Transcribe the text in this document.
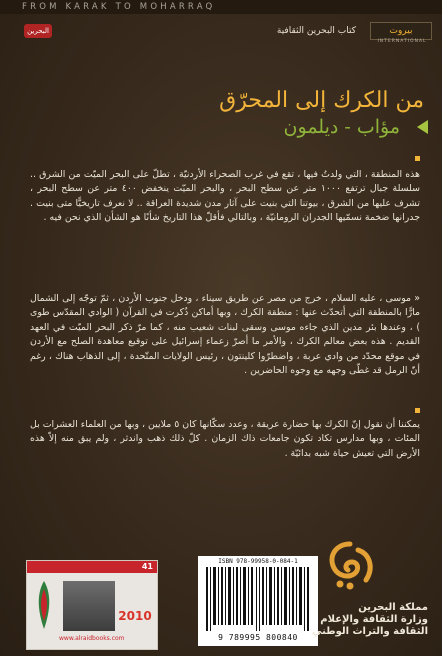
FROM KARAK TO MOHARRAQ
البحرين	كتاب البحرين الثقافية	بيروت
INTERNATIONAL
من الكرك إلى المحرّق
مؤاب - ديلمون
هذه المنطقة ، التي ولدتُ فيها ، تقع في غرب الصحراء الأردنيّة ، تطلّ على البحر الميّت من الشرق .. سلسلة جبال ترتفع ١٠٠٠ متر عن سطح البحر ، والبحر الميّت ينخفض ٤٠٠ متر عن سطح البحر ، تشرف عليها من الشرق ، بيوتنا التي بنيت على آثار مدن شديدة العراقة .. لا نعرف تاريخيًّا متى بنيت . جدرانها ضخمة نسمّيها الجدران الرومانيّة ، وبالتالي فأقلّ هذا التاريخ شأنًا هو الشأن الذي نحن فيه .
« موسى ، عليه السلام ، خرج من مصر عن طريق سيناء ، ودخل جنوب الأردن ، ثمّ توجّه إلى الشمال مارًّا بالمنطقة التي أتحدّث عنها : منطقة الكرك ، وبها أماكن ذُكرت في القرآن ( الوادي المقدّس طوى ) ، وعندها بئر مدين الذي جاءه موسى وسقى لبنات شعيب منه ، كما مرّ ذكر البحر الميّت في العهد القديم . هذه بعض معالم الكرك ، والأمر ما أصرّ زعماء إسرائيل على توقيع معاهدة الصلح مع الأردن في موقع محدّد من وادي عربة ، واضطرّوا كلينتون ، رئيس الولايات المتّحدة ، إلى الذهاب هناك ، رغم أنّ الرمل قد غطّى وجهه مع وجوه الحاضرين .
يمكننا أن نقول إنّ الكرك بها حضارة عريقة ، وعدد سكّانها كان ٥ ملايين ، وبها من العلماء العشرات بل المئات ، وبها مدارس تكاد تكون جامعات ذاك الزمان . كلّ ذلك ذهب واندثر ، ولم يبق منه إلاّ هذه الأرض التي تعيش حياة شبه بدائيّة .
41
2010
www.alraidbooks.com
ISBN 978-99958-0-084-1
9 789995 800840
مملكة البحرين
وزارة الثقافة والإعلام
الثقافة والتراث الوطني
